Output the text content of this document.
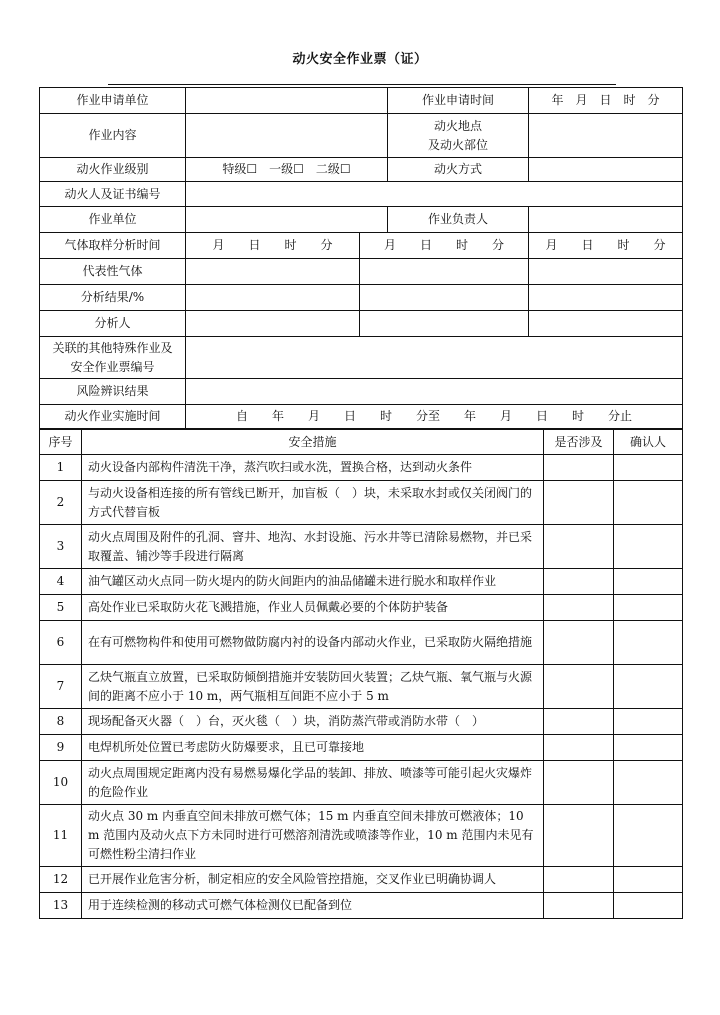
动火安全作业票（证）
作业申请单位			作业申请时间	年　月　日　时　分
作业内容			动火地点
及动火部位	
动火作业级别	特级☐　一级☐　二级☐		动火方式	
动火人及证书编号				
作业单位			作业负责人	
气体取样分析时间	月　　日　　时　　分	月　　日　　时　　分		月　　日　　时　　分
代表性气体				
分析结果/%				
分析人				
关联的其他特殊作业及
安全作业票编号				
风险辨识结果				
动火作业实施时间	自　　年　　月　　日　　时　　分至　　年　　月　　日　　时　　分止			
序号	安全措施	是否涉及	确认人
1	动火设备内部构件清洗干净，蒸汽吹扫或水洗，置换合格，达到动火条件		
2	与动火设备相连接的所有管线已断开，加盲板（　）块，未采取水封或仅关闭阀门的方式代替盲板		
3	动火点周围及附件的孔洞、窨井、地沟、水封设施、污水井等已清除易燃物，并已采取覆盖、铺沙等手段进行隔离		
4	油气罐区动火点同一防火堤内的防火间距内的油品储罐未进行脱水和取样作业		
5	高处作业已采取防火花飞溅措施，作业人员佩戴必要的个体防护装备		
6	在有可燃物构件和使用可燃物做防腐内衬的设备内部动火作业，已采取防火隔绝措施		
7	乙炔气瓶直立放置，已采取防倾倒措施并安装防回火装置；乙炔气瓶、氧气瓶与火源间的距离不应小于 10 m，两气瓶相互间距不应小于 5 m		
8	现场配备灭火器（　）台，灭火毯（　）块，消防蒸汽带或消防水带（　）		
9	电焊机所处位置已考虑防火防爆要求，且已可靠接地		
10	动火点周围规定距离内没有易燃易爆化学品的装卸、排放、喷漆等可能引起火灾爆炸的危险作业		
11	动火点 30 m 内垂直空间未排放可燃气体；15 m 内垂直空间未排放可燃液体；10 m 范围内及动火点下方未同时进行可燃溶剂清洗或喷漆等作业，10 m 范围内未见有可燃性粉尘清扫作业		
12	已开展作业危害分析，制定相应的安全风险管控措施，交叉作业已明确协调人		
13	用于连续检测的移动式可燃气体检测仪已配备到位		
